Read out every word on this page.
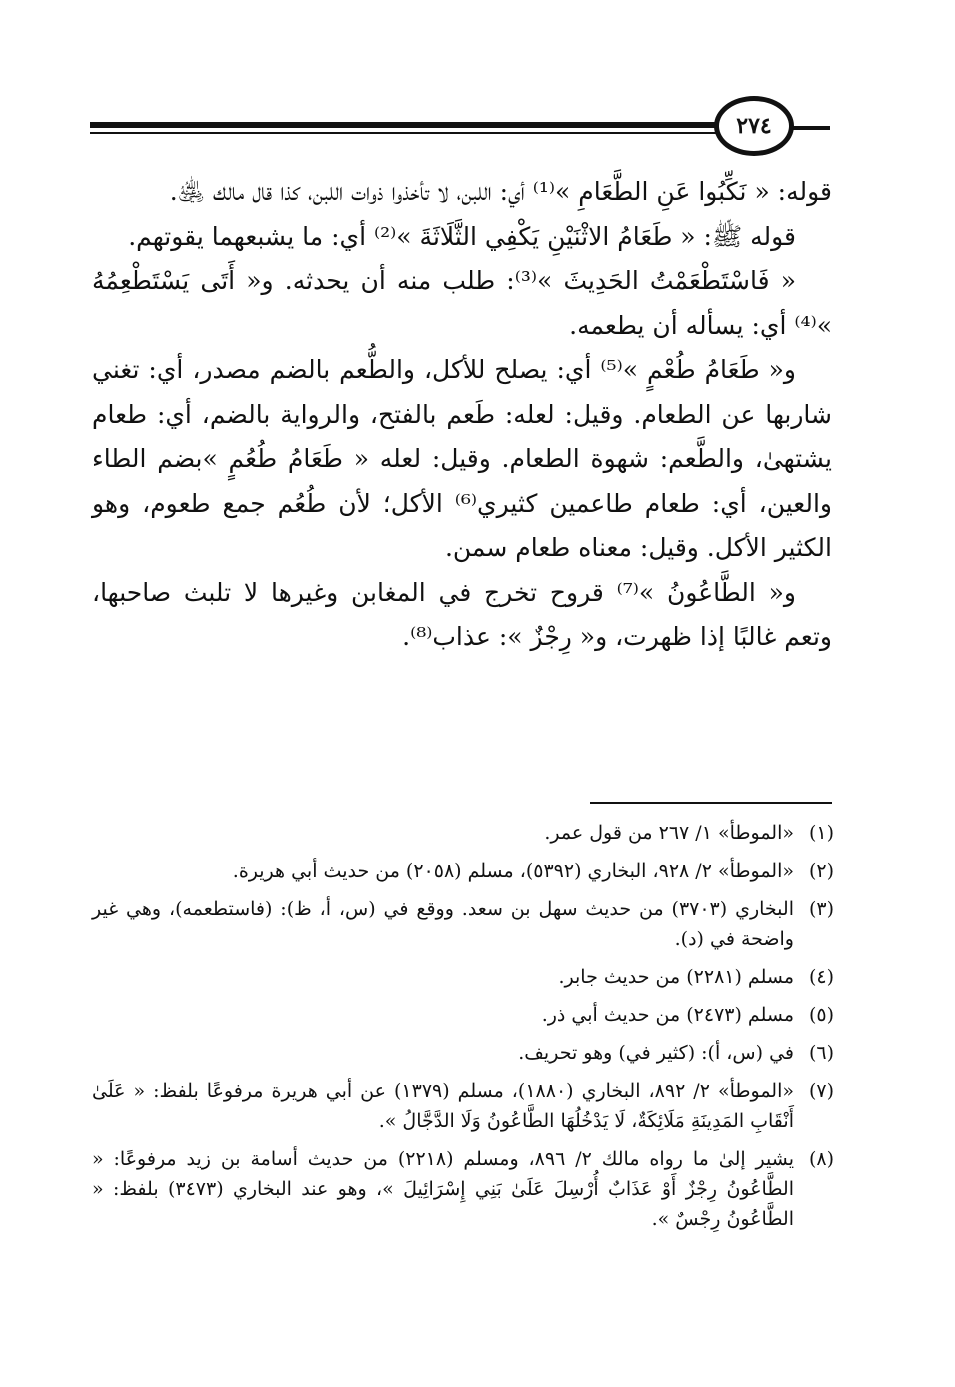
٢٧٤

قوله: « نَكِّبُوا عَنِ الطَّعَامِ »⁽¹⁾ أي: اللبن، لا تأخذوا ذوات اللبن، كذا قال مالك ﵁.

قوله ﷺ: « طَعَامُ الاثْنَيْنِ يَكْفِي الثَّلَاثَةَ »⁽²⁾ أي: ما يشبعهما يقوتهم.

« فَاسْتَطْعَمْتُ الحَدِيثَ »⁽³⁾: طلب منه أن يحدثه. و« أَتَى يَسْتَطْعِمُهُ »⁽⁴⁾ أي: يسأله أن يطعمه.

و« طَعَامُ طُعْمٍ »⁽⁵⁾ أي: يصلح للأكل، والطُّعم بالضم مصدر، أي: تغني شاربها عن الطعام. وقيل: لعله: طَعم بالفتح، والرواية بالضم، أي: طعام يشتهىٰ، والطَّعم: شهوة الطعام. وقيل: لعله « طَعَامُ طُعُمٍ »بضم الطاء والعين، أي: طعام طاعمين كثيري⁽⁶⁾ الأكل؛ لأن طُعُم جمع طعوم، وهو الكثير الأكل. وقيل: معناه طعام سمن.

و« الطَّاعُونُ »⁽⁷⁾ قروح تخرج في المغابن وغيرها لا تلبث صاحبها، وتعم غالبًا إذا ظهرت، و« رِجْزٌ »: عذاب⁽⁸⁾.

(١)
«الموطأ» ١/ ٢٦٧ من قول عمر.
(٢)
«الموطأ» ٢/ ٩٢٨، البخاري (٥٣٩٢)، مسلم (٢٠٥٨) من حديث أبي هريرة.
(٣)
البخاري (٣٧٠٣) من حديث سهل بن سعد. ووقع في (س، أ، ظ): (فاستطعمه)، وهي غير واضحة في (د).
(٤)
مسلم (٢٢٨١) من حديث جابر.
(٥)
مسلم (٢٤٧٣) من حديث أبي ذر.
(٦)
في (س، أ): (كثير في) وهو تحريف.
(٧)
«الموطأ» ٢/ ٨٩٢، البخاري (١٨٨٠)، مسلم (١٣٧٩) عن أبي هريرة مرفوعًا بلفظ: « عَلَىٰ أَنْقَابِ المَدِينَةِ مَلَائِكَةٌ، لَا يَدْخُلُهَا الطَّاعُونُ وَلَا الدَّجَّالُ ».
(٨)
يشير إلىٰ ما رواه مالك ٢/ ٨٩٦، ومسلم (٢٢١٨) من حديث أسامة بن زيد مرفوعًا: « الطَّاعُونُ رِجْزٌ أَوْ عَذَابٌ أُرْسِلَ عَلَىٰ بَنِي إِسْرَائِيلَ »، وهو عند البخاري (٣٤٧٣) بلفظ: « الطَّاعُونُ رِجْسٌ ».
